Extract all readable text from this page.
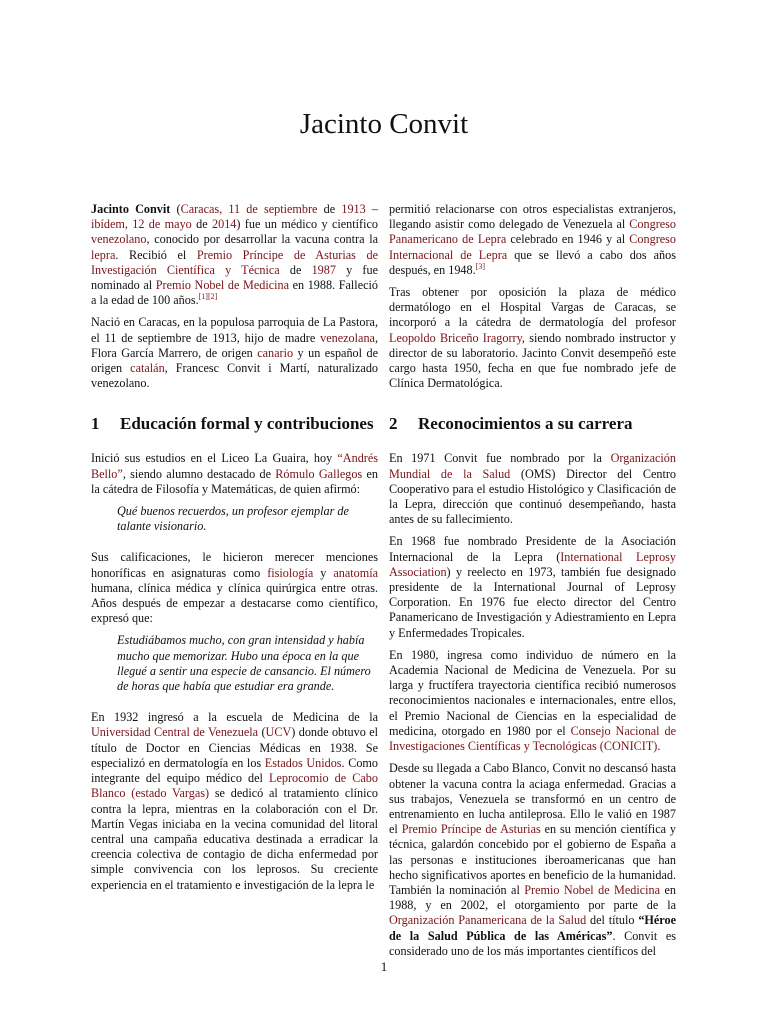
Jacinto Convit

Jacinto Convit (Caracas, 11 de septiembre de 1913 – ibídem, 12 de mayo de 2014) fue un médico y científico venezolano, conocido por desarrollar la vacuna contra la lepra. Recibió el Premio Príncipe de Asturias de Investigación Científica y Técnica de 1987 y fue nominado al Premio Nobel de Medicina en 1988. Falleció a la edad de 100 años.[1][2]

Nació en Caracas, en la populosa parroquia de La Pastora, el 11 de septiembre de 1913, hijo de madre venezolana, Flora García Marrero, de origen canario y un español de origen catalán, Francesc Convit i Martí, naturalizado venezolano.

1	Educación formal y contribuciones

Inició sus estudios en el Liceo La Guaira, hoy “Andrés Bello”, siendo alumno destacado de Rómulo Gallegos en la cátedra de Filosofía y Matemáticas, de quien afirmó:

Qué buenos recuerdos, un profesor ejemplar de talante visionario.

Sus calificaciones, le hicieron merecer menciones honoríficas en asignaturas como fisiología y anatomía humana, clínica médica y clínica quirúrgica entre otras. Años después de empezar a destacarse como científico, expresó que:

Estudiábamos mucho, con gran intensidad y había mucho que memorizar. Hubo una época en la que llegué a sentir una especie de cansancio. El número de horas que había que estudiar era grande.

En 1932 ingresó a la escuela de Medicina de la Universidad Central de Venezuela (UCV) donde obtuvo el título de Doctor en Ciencias Médicas en 1938. Se especializó en dermatología en los Estados Unidos. Como integrante del equipo médico del Leprocomio de Cabo Blanco (estado Vargas) se dedicó al tratamiento clínico contra la lepra, mientras en la colaboración con el Dr. Martín Vegas iniciaba en la vecina comunidad del litoral central una campaña educativa destinada a erradicar la creencia colectiva de contagio de dicha enfermedad por simple convivencia con los leprosos. Su creciente experiencia en el tratamiento e investigación de la lepra le

permitió relacionarse con otros especialistas extranjeros, llegando asistir como delegado de Venezuela al Congreso Panamericano de Lepra celebrado en 1946 y al Congreso Internacional de Lepra que se llevó a cabo dos años después, en 1948.[3]

Tras obtener por oposición la plaza de médico dermatólogo en el Hospital Vargas de Caracas, se incorporó a la cátedra de dermatología del profesor Leopoldo Briceño Iragorry, siendo nombrado instructor y director de su laboratorio. Jacinto Convit desempeñó este cargo hasta 1950, fecha en que fue nombrado jefe de Clínica Dermatológica.

2	Reconocimientos a su carrera

En 1971 Convit fue nombrado por la Organización Mundial de la Salud (OMS) Director del Centro Cooperativo para el estudio Histológico y Clasificación de la Lepra, dirección que continuó desempeñando, hasta antes de su fallecimiento.

En 1968 fue nombrado Presidente de la Asociación Internacional de la Lepra (International Leprosy Association) y reelecto en 1973, también fue designado presidente de la International Journal of Leprosy Corporation. En 1976 fue electo director del Centro Panamericano de Investigación y Adiestramiento en Lepra y Enfermedades Tropicales.

En 1980, ingresa como individuo de número en la Academia Nacional de Medicina de Venezuela. Por su larga y fructífera trayectoria científica recibió numerosos reconocimientos nacionales e internacionales, entre ellos, el Premio Nacional de Ciencias en la especialidad de medicina, otorgado en 1980 por el Consejo Nacional de Investigaciones Científicas y Tecnológicas (CONICIT).

Desde su llegada a Cabo Blanco, Convit no descansó hasta obtener la vacuna contra la aciaga enfermedad. Gracias a sus trabajos, Venezuela se transformó en un centro de entrenamiento en lucha antileprosa. Ello le valió en 1987 el Premio Príncipe de Asturias en su mención científica y técnica, galardón concebido por el gobierno de España a las personas e instituciones iberoamericanas que han hecho significativos aportes en beneficio de la humanidad. También la nominación al Premio Nobel de Medicina en 1988, y en 2002, el otorgamiento por parte de la Organización Panamericana de la Salud del título “Héroe de la Salud Pública de las Américas”. Convit es considerado uno de los más importantes científicos del

1
